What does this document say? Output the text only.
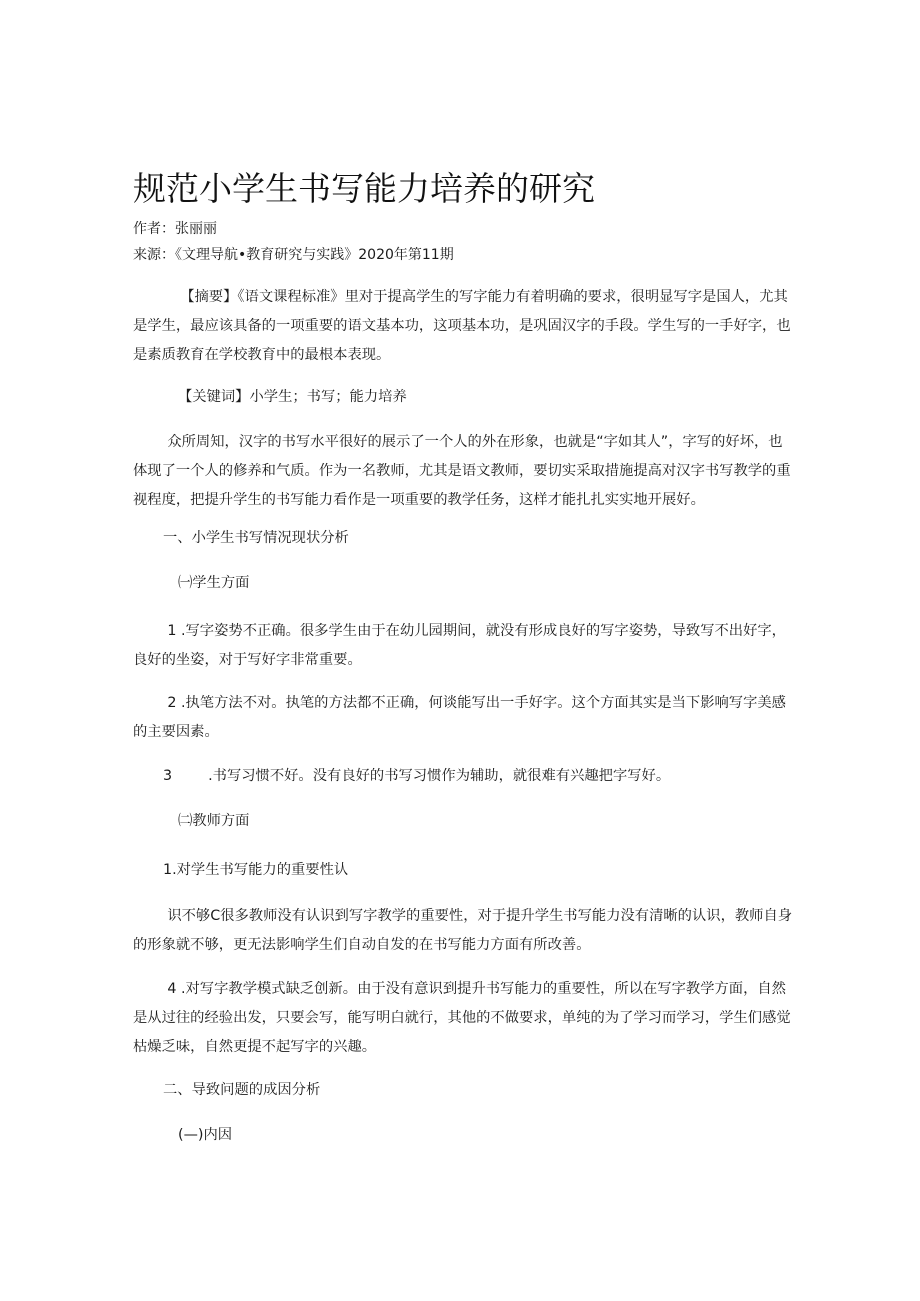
规范小学生书写能力培养的研究
作者：张丽丽
来源：《文理导航•教育研究与实践》2020年第11期

【摘要】《语文课程标准》里对于提高学生的写字能力有着明确的要求，很明显写字是国人，尤其是学生，最应该具备的一项重要的语文基本功，这项基本功，是巩固汉字的手段。学生写的一手好字，也是素质教育在学校教育中的最根本表现。

【关键词】小学生；书写；能力培养

众所周知，汉字的书写水平很好的展示了一个人的外在形象，也就是“字如其人”，字写的好坏，也体现了一个人的修养和气质。作为一名教师，尤其是语文教师，要切实采取措施提高对汉字书写教学的重视程度，把提升学生的书写能力看作是一项重要的教学任务，这样才能扎扎实实地开展好。

一、小学生书写情况现状分析
㈠学生方面

1 .写字姿势不正确。很多学生由于在幼儿园期间，就没有形成良好的写字姿势，导致写不出好字，良好的坐姿，对于写好字非常重要。

2 .执笔方法不对。执笔的方法都不正确，何谈能写出一手好字。这个方面其实是当下影响写字美感的主要因素。

3	.书写习惯不好。没有良好的书写习惯作为辅助，就很难有兴趣把字写好。
㈡教师方面
1.对学生书写能力的重要性认

识不够C很多教师没有认识到写字教学的重要性，对于提升学生书写能力没有清晰的认识，教师自身的形象就不够，更无法影响学生们自动自发的在书写能力方面有所改善。

4 .对写字教学模式缺乏创新。由于没有意识到提升书写能力的重要性，所以在写字教学方面，自然是从过往的经验出发，只要会写，能写明白就行，其他的不做要求，单纯的为了学习而学习，学生们感觉枯燥乏味，自然更提不起写字的兴趣。

二、导致问题的成因分析
(—)内因
